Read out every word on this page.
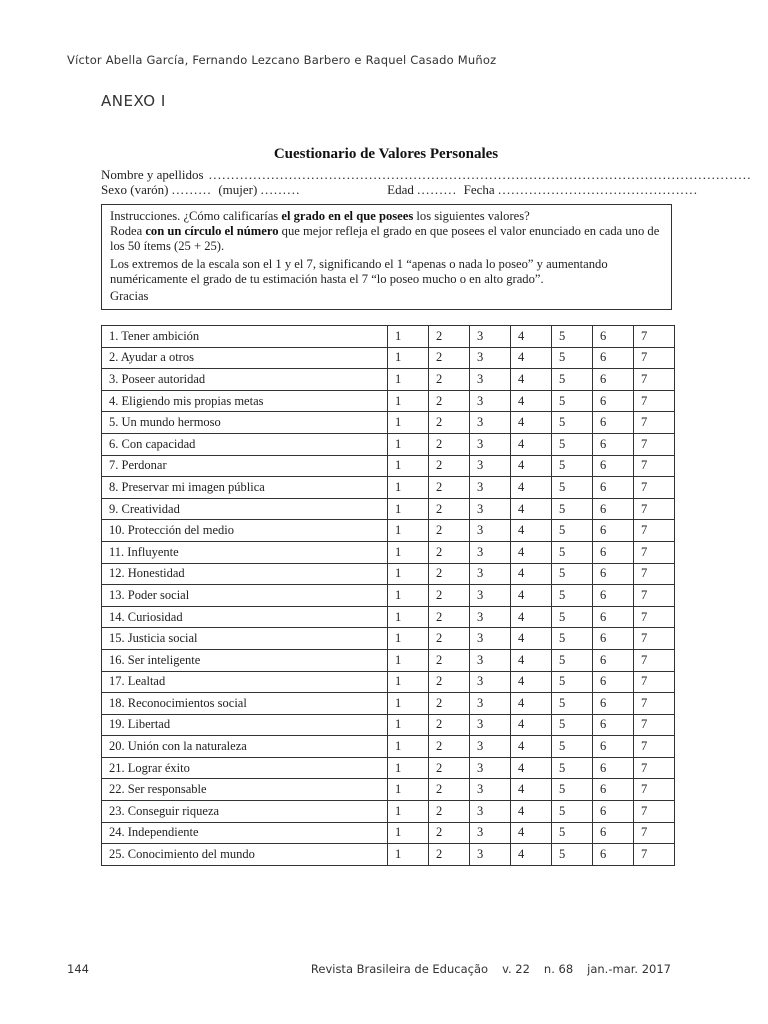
Víctor Abella García, Fernando Lezcano Barbero e Raquel Casado Muñoz
ANEXO I
Cuestionario de Valores Personales
Nombre y apellidos ..........................................................................................................................
Sexo (varón) ......... (mujer) .........	Edad ......... Fecha .............................................

Instrucciones. ¿Cómo calificarías el grado en el que posees los siguientes valores?
Rodea con un círculo el número que mejor refleja el grado en que posees el valor enunciado en cada uno de los 50 ítems (25 + 25).

Los extremos de la escala son el 1 y el 7, significando el 1 “apenas o nada lo poseo” y aumentando numéricamente el grado de tu estimación hasta el 7 “lo poseo mucho o en alto grado”.

Gracias

1. Tener ambición	1	2	3	4	5	6	7
2. Ayudar a otros	1	2	3	4	5	6	7
3. Poseer autoridad	1	2	3	4	5	6	7
4. Eligiendo mis propias metas	1	2	3	4	5	6	7
5. Un mundo hermoso	1	2	3	4	5	6	7
6. Con capacidad	1	2	3	4	5	6	7
7. Perdonar	1	2	3	4	5	6	7
8. Preservar mi imagen pública	1	2	3	4	5	6	7
9. Creatividad	1	2	3	4	5	6	7
10. Protección del medio	1	2	3	4	5	6	7
11. Influyente	1	2	3	4	5	6	7
12. Honestidad	1	2	3	4	5	6	7
13. Poder social	1	2	3	4	5	6	7
14. Curiosidad	1	2	3	4	5	6	7
15. Justicia social	1	2	3	4	5	6	7
16. Ser inteligente	1	2	3	4	5	6	7
17. Lealtad	1	2	3	4	5	6	7
18. Reconocimientos social	1	2	3	4	5	6	7
19. Libertad	1	2	3	4	5	6	7
20. Unión con la naturaleza	1	2	3	4	5	6	7
21. Lograr éxito	1	2	3	4	5	6	7
22. Ser responsable	1	2	3	4	5	6	7
23. Conseguir riqueza	1	2	3	4	5	6	7
24. Independiente	1	2	3	4	5	6	7
25. Conocimiento del mundo	1	2	3	4	5	6	7
144	Revista Brasileira de Educação v. 22 n. 68 jan.-mar. 2017
